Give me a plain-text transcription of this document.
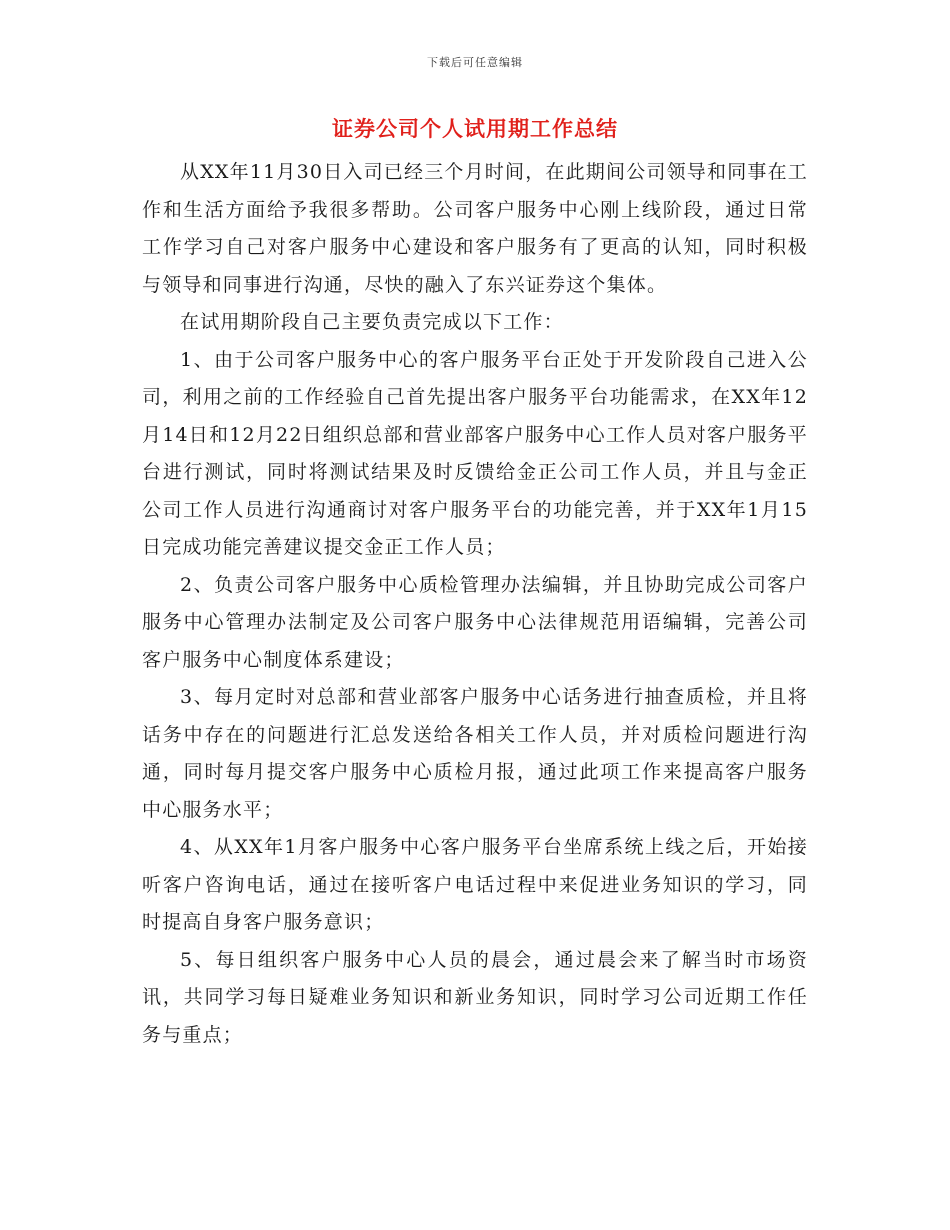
下载后可任意编辑
证券公司个人试用期工作总结

从XX年11月30日入司已经三个月时间，在此期间公司领导和同事在工作和生活方面给予我很多帮助。公司客户服务中心刚上线阶段，通过日常工作学习自己对客户服务中心建设和客户服务有了更高的认知，同时积极与领导和同事进行沟通，尽快的融入了东兴证券这个集体。

在试用期阶段自己主要负责完成以下工作：

1、由于公司客户服务中心的客户服务平台正处于开发阶段自己进入公司，利用之前的工作经验自己首先提出客户服务平台功能需求，在XX年12月14日和12月22日组织总部和营业部客户服务中心工作人员对客户服务平台进行测试，同时将测试结果及时反馈给金正公司工作人员，并且与金正公司工作人员进行沟通商讨对客户服务平台的功能完善，并于XX年1月15日完成功能完善建议提交金正工作人员；

2、负责公司客户服务中心质检管理办法编辑，并且协助完成公司客户服务中心管理办法制定及公司客户服务中心法律规范用语编辑，完善公司客户服务中心制度体系建设；

3、每月定时对总部和营业部客户服务中心话务进行抽查质检，并且将话务中存在的问题进行汇总发送给各相关工作人员，并对质检问题进行沟通，同时每月提交客户服务中心质检月报，通过此项工作来提高客户服务中心服务水平；

4、从XX年1月客户服务中心客户服务平台坐席系统上线之后，开始接听客户咨询电话，通过在接听客户电话过程中来促进业务知识的学习，同时提高自身客户服务意识；

5、每日组织客户服务中心人员的晨会，通过晨会来了解当时市场资讯，共同学习每日疑难业务知识和新业务知识，同时学习公司近期工作任务与重点；
